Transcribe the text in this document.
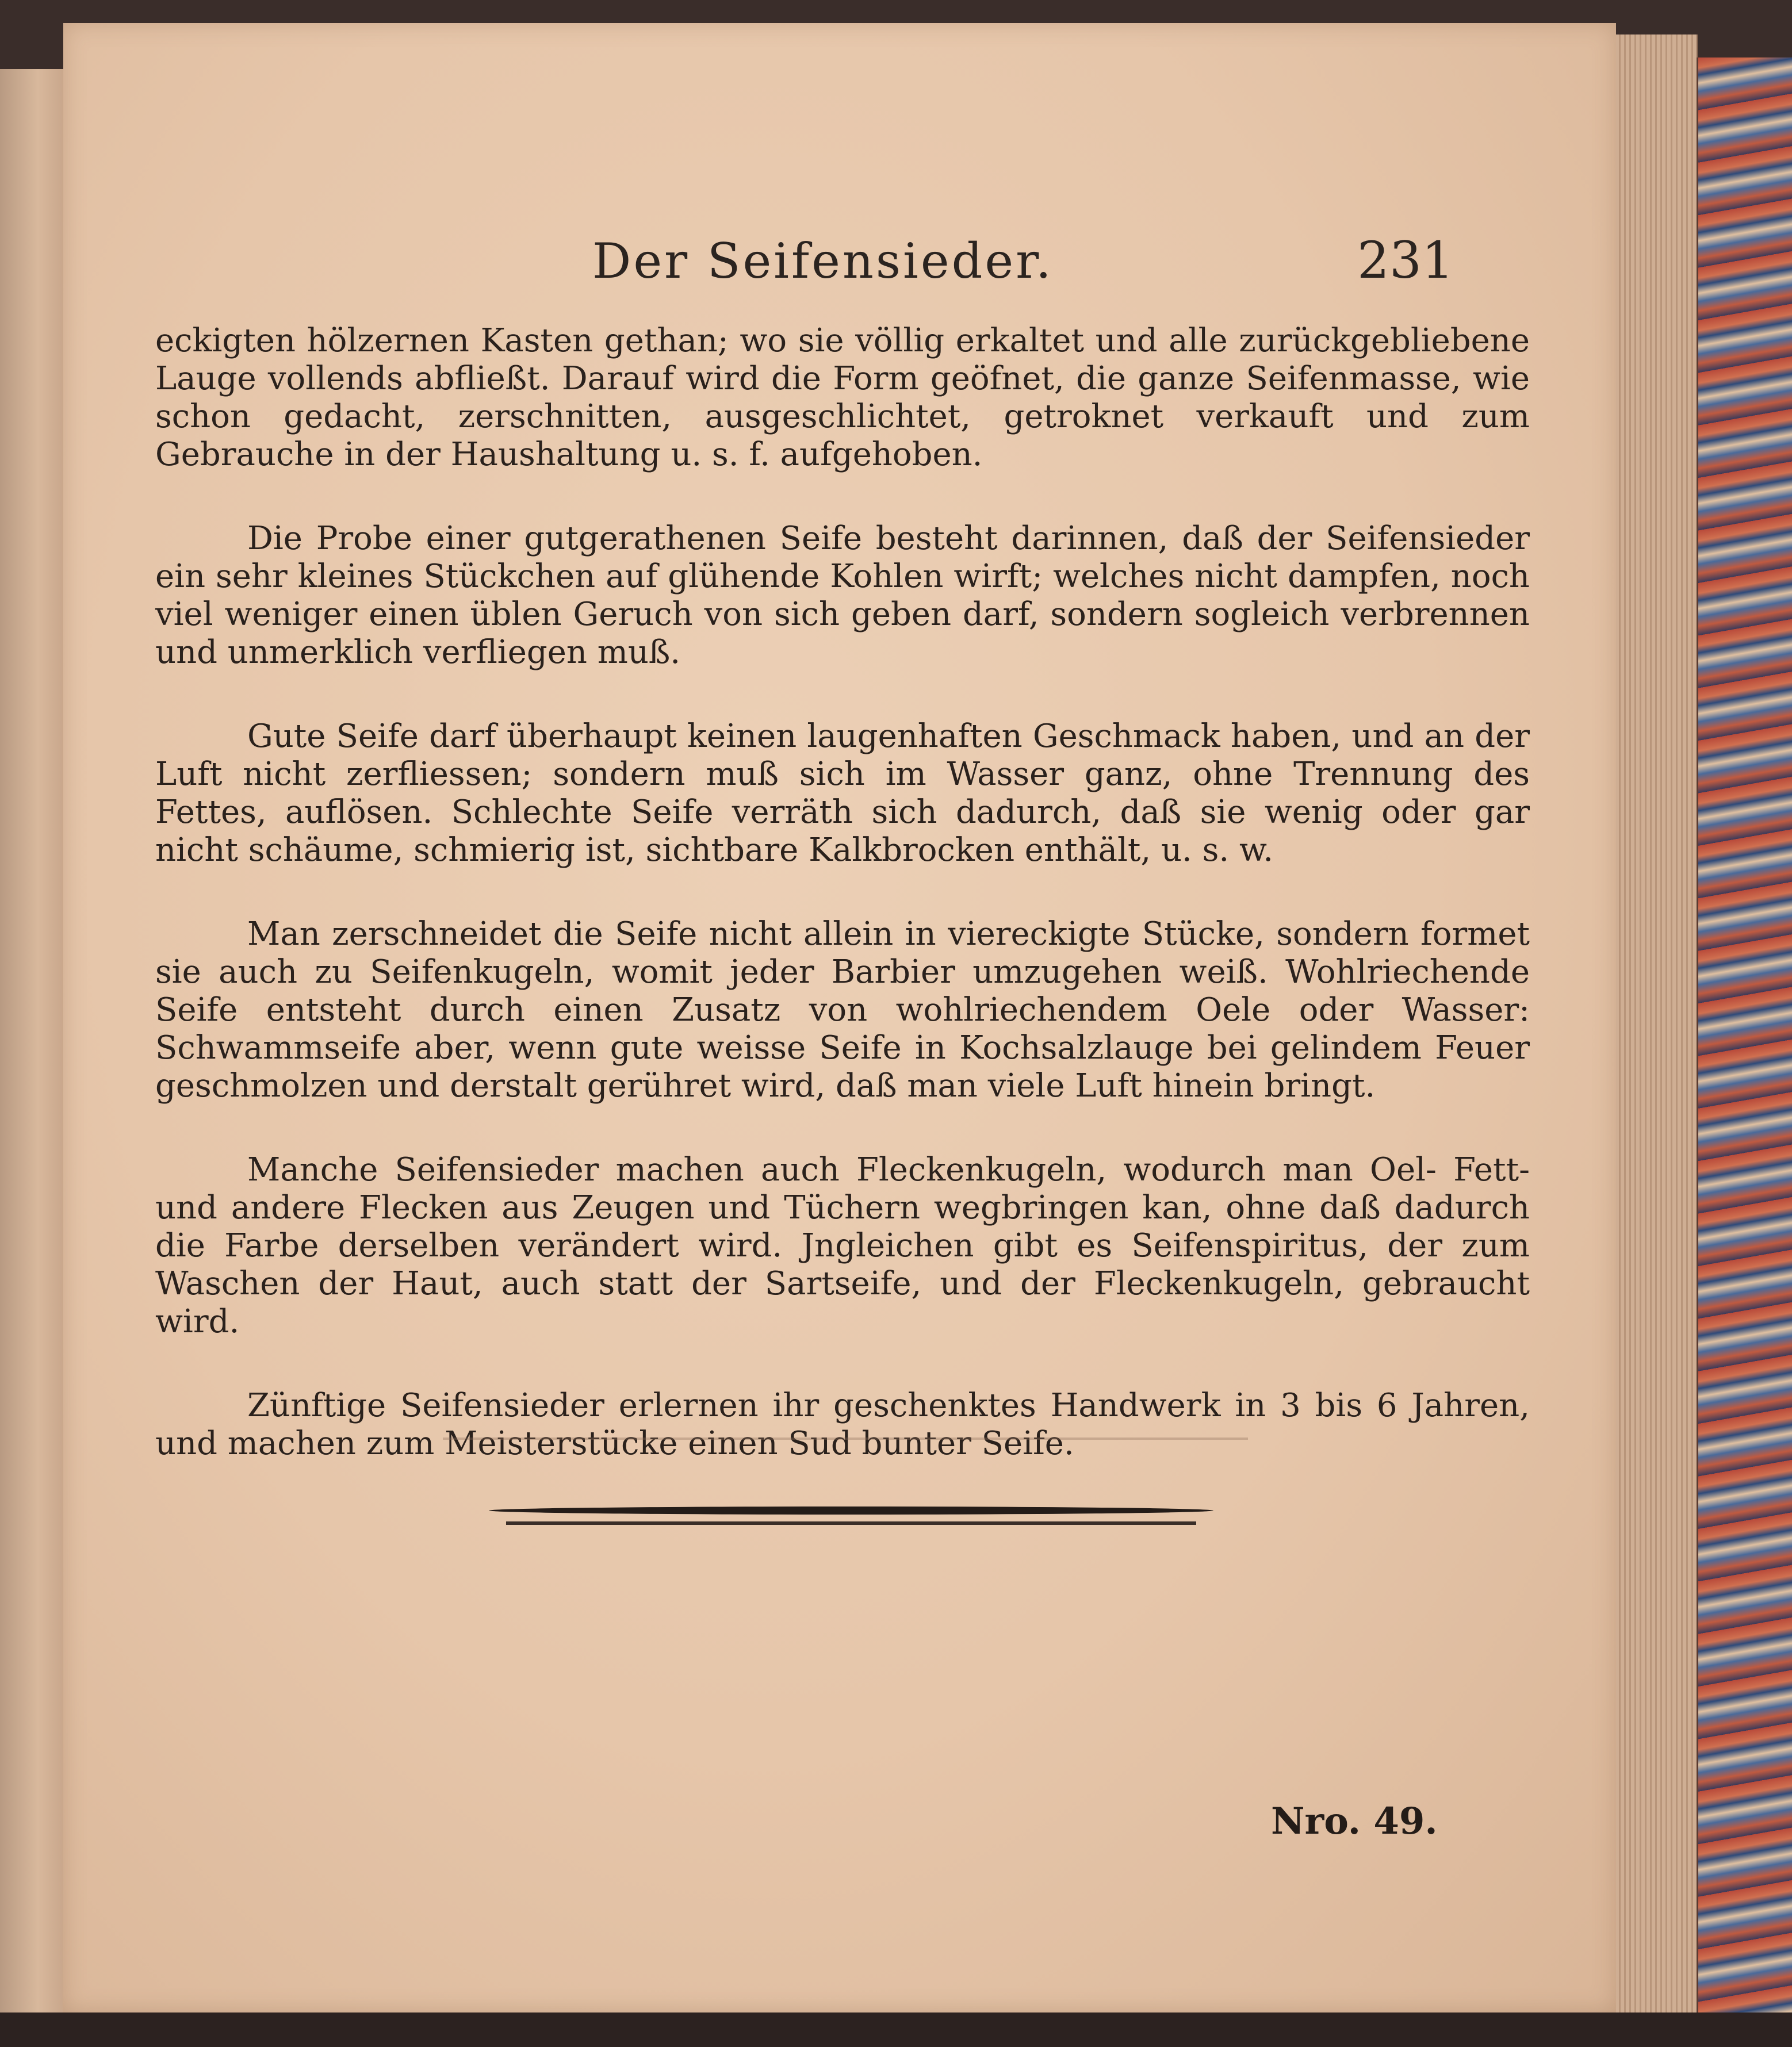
Der Seifensieder.	231

eckigten hölzernen Kasten gethan; wo sie völlig erkaltet und alle zurückgebliebene Lauge vollends abfließt. Darauf wird die Form geöfnet, die ganze Seifenmasse, wie schon gedacht, zerschnitten, ausgeschlichtet, getroknet verkauft und zum Gebrauche in der Haushaltung u. s. f. aufgehoben.

Die Probe einer gutgerathenen Seife besteht darinnen, daß der Seifensieder ein sehr kleines Stückchen auf glühende Kohlen wirft; welches nicht dampfen, noch viel weniger einen üblen Geruch von sich geben darf, sondern sogleich verbrennen und unmerklich verfliegen muß.

Gute Seife darf überhaupt keinen laugenhaften Geschmack haben, und an der Luft nicht zerfliessen; sondern muß sich im Wasser ganz, ohne Trennung des Fettes, auflösen. Schlechte Seife verräth sich dadurch, daß sie wenig oder gar nicht schäume, schmierig ist, sichtbare Kalkbrocken enthält, u. s. w.

Man zerschneidet die Seife nicht allein in viereckigte Stücke, sondern formet sie auch zu Seifenkugeln, womit jeder Barbier umzugehen weiß. Wohlriechende Seife entsteht durch einen Zusatz von wohlriechendem Oele oder Wasser: Schwammseife aber, wenn gute weisse Seife in Kochsalzlauge bei gelindem Feuer geschmolzen und derstalt gerühret wird, daß man viele Luft hinein bringt.

Manche Seifensieder machen auch Fleckenkugeln, wodurch man Oel- Fett- und andere Flecken aus Zeugen und Tüchern wegbringen kan, ohne daß dadurch die Farbe derselben verändert wird. Jngleichen gibt es Seifenspiritus, der zum Waschen der Haut, auch statt der Sartseife, und der Fleckenkugeln, gebraucht wird.

Zünftige Seifensieder erlernen ihr geschenktes Handwerk in 3 bis 6 Jahren, und machen zum Meisterstücke einen Sud bunter Seife.

Nro. 49.
